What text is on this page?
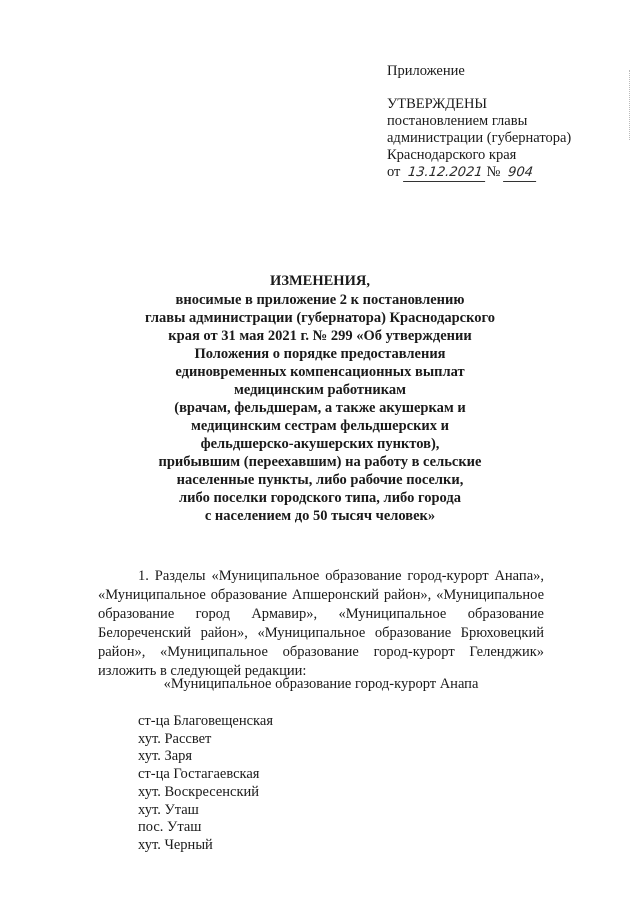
Приложение
УТВЕРЖДЕНЫ
постановлением главы
администрации (губернатора)
Краснодарского края
от 13.12.2021 № 904
ИЗМЕНЕНИЯ,
вносимые в приложение 2 к постановлению
главы администрации (губернатора) Краснодарского
края от 31 мая 2021 г. № 299 «Об утверждении
Положения о порядке предоставления
единовременных компенсационных выплат
медицинским работникам
(врачам, фельдшерам, а также акушеркам и
медицинским сестрам фельдшерских и
фельдшерско-акушерских пунктов),
прибывшим (переехавшим) на работу в сельские
населенные пункты, либо рабочие поселки,
либо поселки городского типа, либо города
с населением до 50 тысяч человек»
1. Разделы «Муниципальное образование город-курорт Анапа», «Муниципальное образование Апшеронский район», «Муниципальное образование город Армавир», «Муниципальное образование Белореченский район», «Муниципальное образование Брюховецкий район», «Муниципальное образование город-курорт Геленджик» изложить в следующей редакции:
«Муниципальное образование город-курорт Анапа
ст-ца Благовещенская
хут. Рассвет
хут. Заря
ст-ца Гостагаевская
хут. Воскресенский
хут. Уташ
пос. Уташ
хут. Черный
